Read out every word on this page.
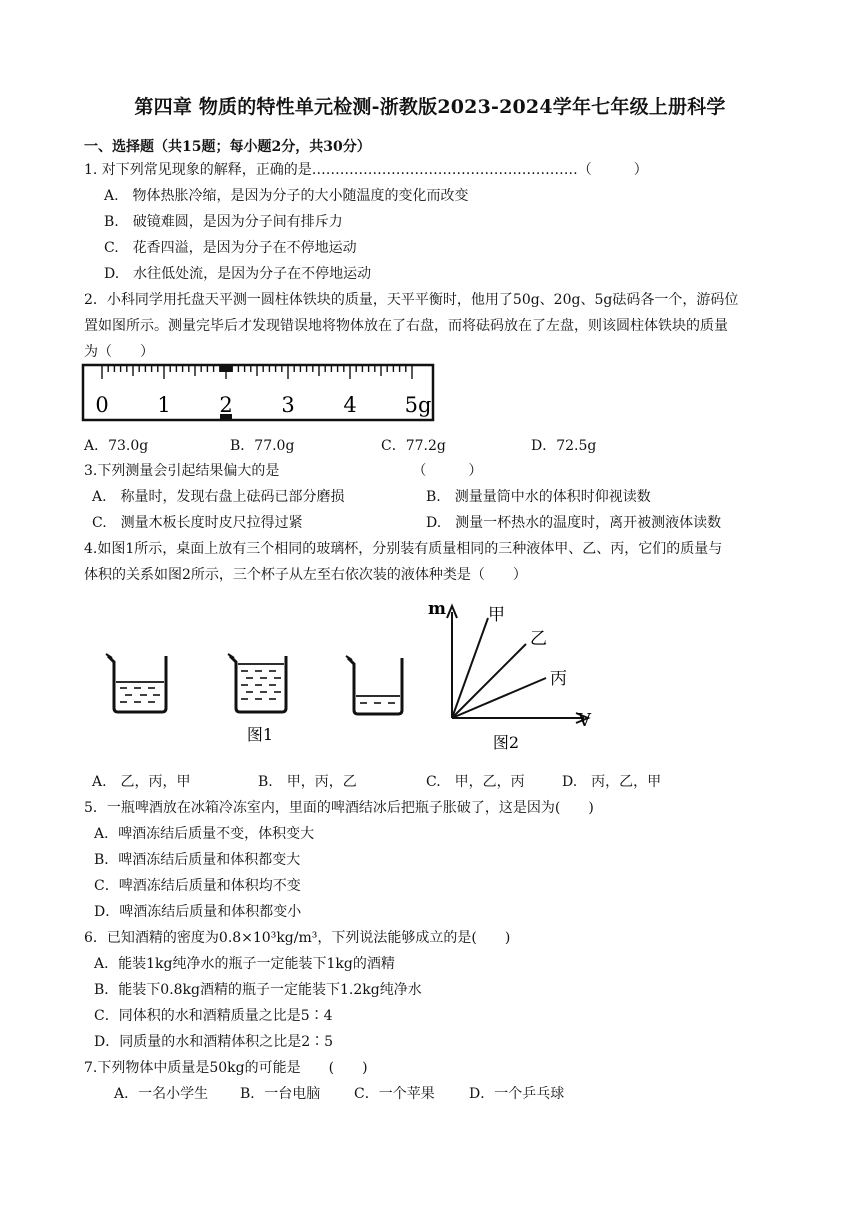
第四章 物质的特性单元检测-浙教版2023-2024学年七年级上册科学
一、选择题（共15题；每小题2分，共30分）
1. 对下列常见现象的解释，正确的是…………………………………………………（　　　）
A.　物体热胀冷缩，是因为分子的大小随温度的变化而改变
B.　破镜难圆，是因为分子间有排斥力
C.　花香四溢，是因为分子在不停地运动
D.　水往低处流，是因为分子在不停地运动
2．小科同学用托盘天平测一圆柱体铁块的质量，天平平衡时，他用了50g、20g、5g砝码各一个，游码位
置如图所示。测量完毕后才发现错误地将物体放在了右盘，而将砝码放在了左盘，则该圆柱体铁块的质量
为（　　）
0 1 2 3 4 5g
A．73.0g	B．77.0g	C．77.2g	D．72.5g
3.下列测量会引起结果偏大的是　　　　　　　　　　（　　　）
A.　称量时，发现右盘上砝码已部分磨损	B.　测量量筒中水的体积时仰视读数
C.　测量木板长度时皮尺拉得过紧	D.　测量一杯热水的温度时，离开被测液体读数
4.如图1所示，桌面上放有三个相同的玻璃杯，分别装有质量相同的三种液体甲、乙、丙，它们的质量与
体积的关系如图2所示，三个杯子从左至右依次装的液体种类是（　　）
图1
m
V
甲
乙
丙
图2
A.　乙，丙，甲	B.　甲，丙，乙	C.　甲，乙，丙	D.　丙，乙，甲
5．一瓶啤酒放在冰箱冷冻室内，里面的啤酒结冰后把瓶子胀破了，这是因为(　　)
A．啤酒冻结后质量不变，体积变大
B．啤酒冻结后质量和体积都变大
C．啤酒冻结后质量和体积均不变
D．啤酒冻结后质量和体积都变小
6．已知酒精的密度为0.8×10³kg/m³，下列说法能够成立的是(　　)
A．能装1kg纯净水的瓶子一定能装下1kg的酒精
B．能装下0.8kg酒精的瓶子一定能装下1.2kg纯净水
C．同体积的水和酒精质量之比是5∶4
D．同质量的水和酒精体积之比是2∶5
7.下列物体中质量是50kg的可能是　　(　　)
A．一名小学生 B．一台电脑 C．一个苹果 D．一个乒乓球
